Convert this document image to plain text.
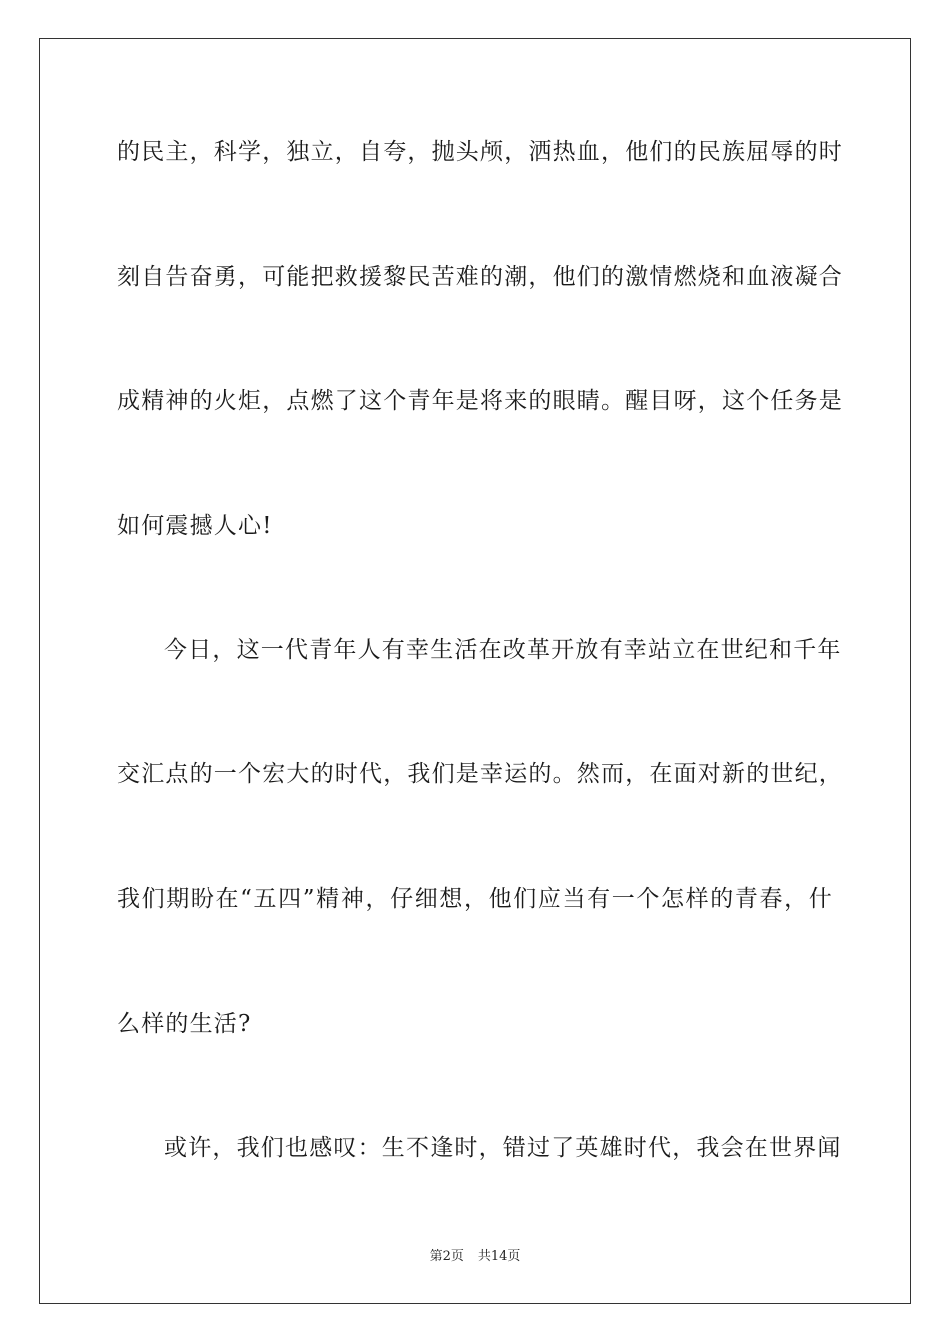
的民主，科学，独立，自夸，抛头颅，洒热血，他们的民族屈辱的时
刻自告奋勇，可能把救援黎民苦难的潮，他们的激情燃烧和血液凝合
成精神的火炬，点燃了这个青年是将来的眼睛。醒目呀，这个任务是
如何震撼人心!
今日，这一代青年人有幸生活在改革开放有幸站立在世纪和千年
交汇点的一个宏大的时代，我们是幸运的。然而，在面对新的世纪，
我们期盼在“五四”精神，仔细想，他们应当有一个怎样的青春，什
么样的生活?
或许，我们也感叹：生不逢时，错过了英雄时代，我会在世界闻
第2页 共14页
